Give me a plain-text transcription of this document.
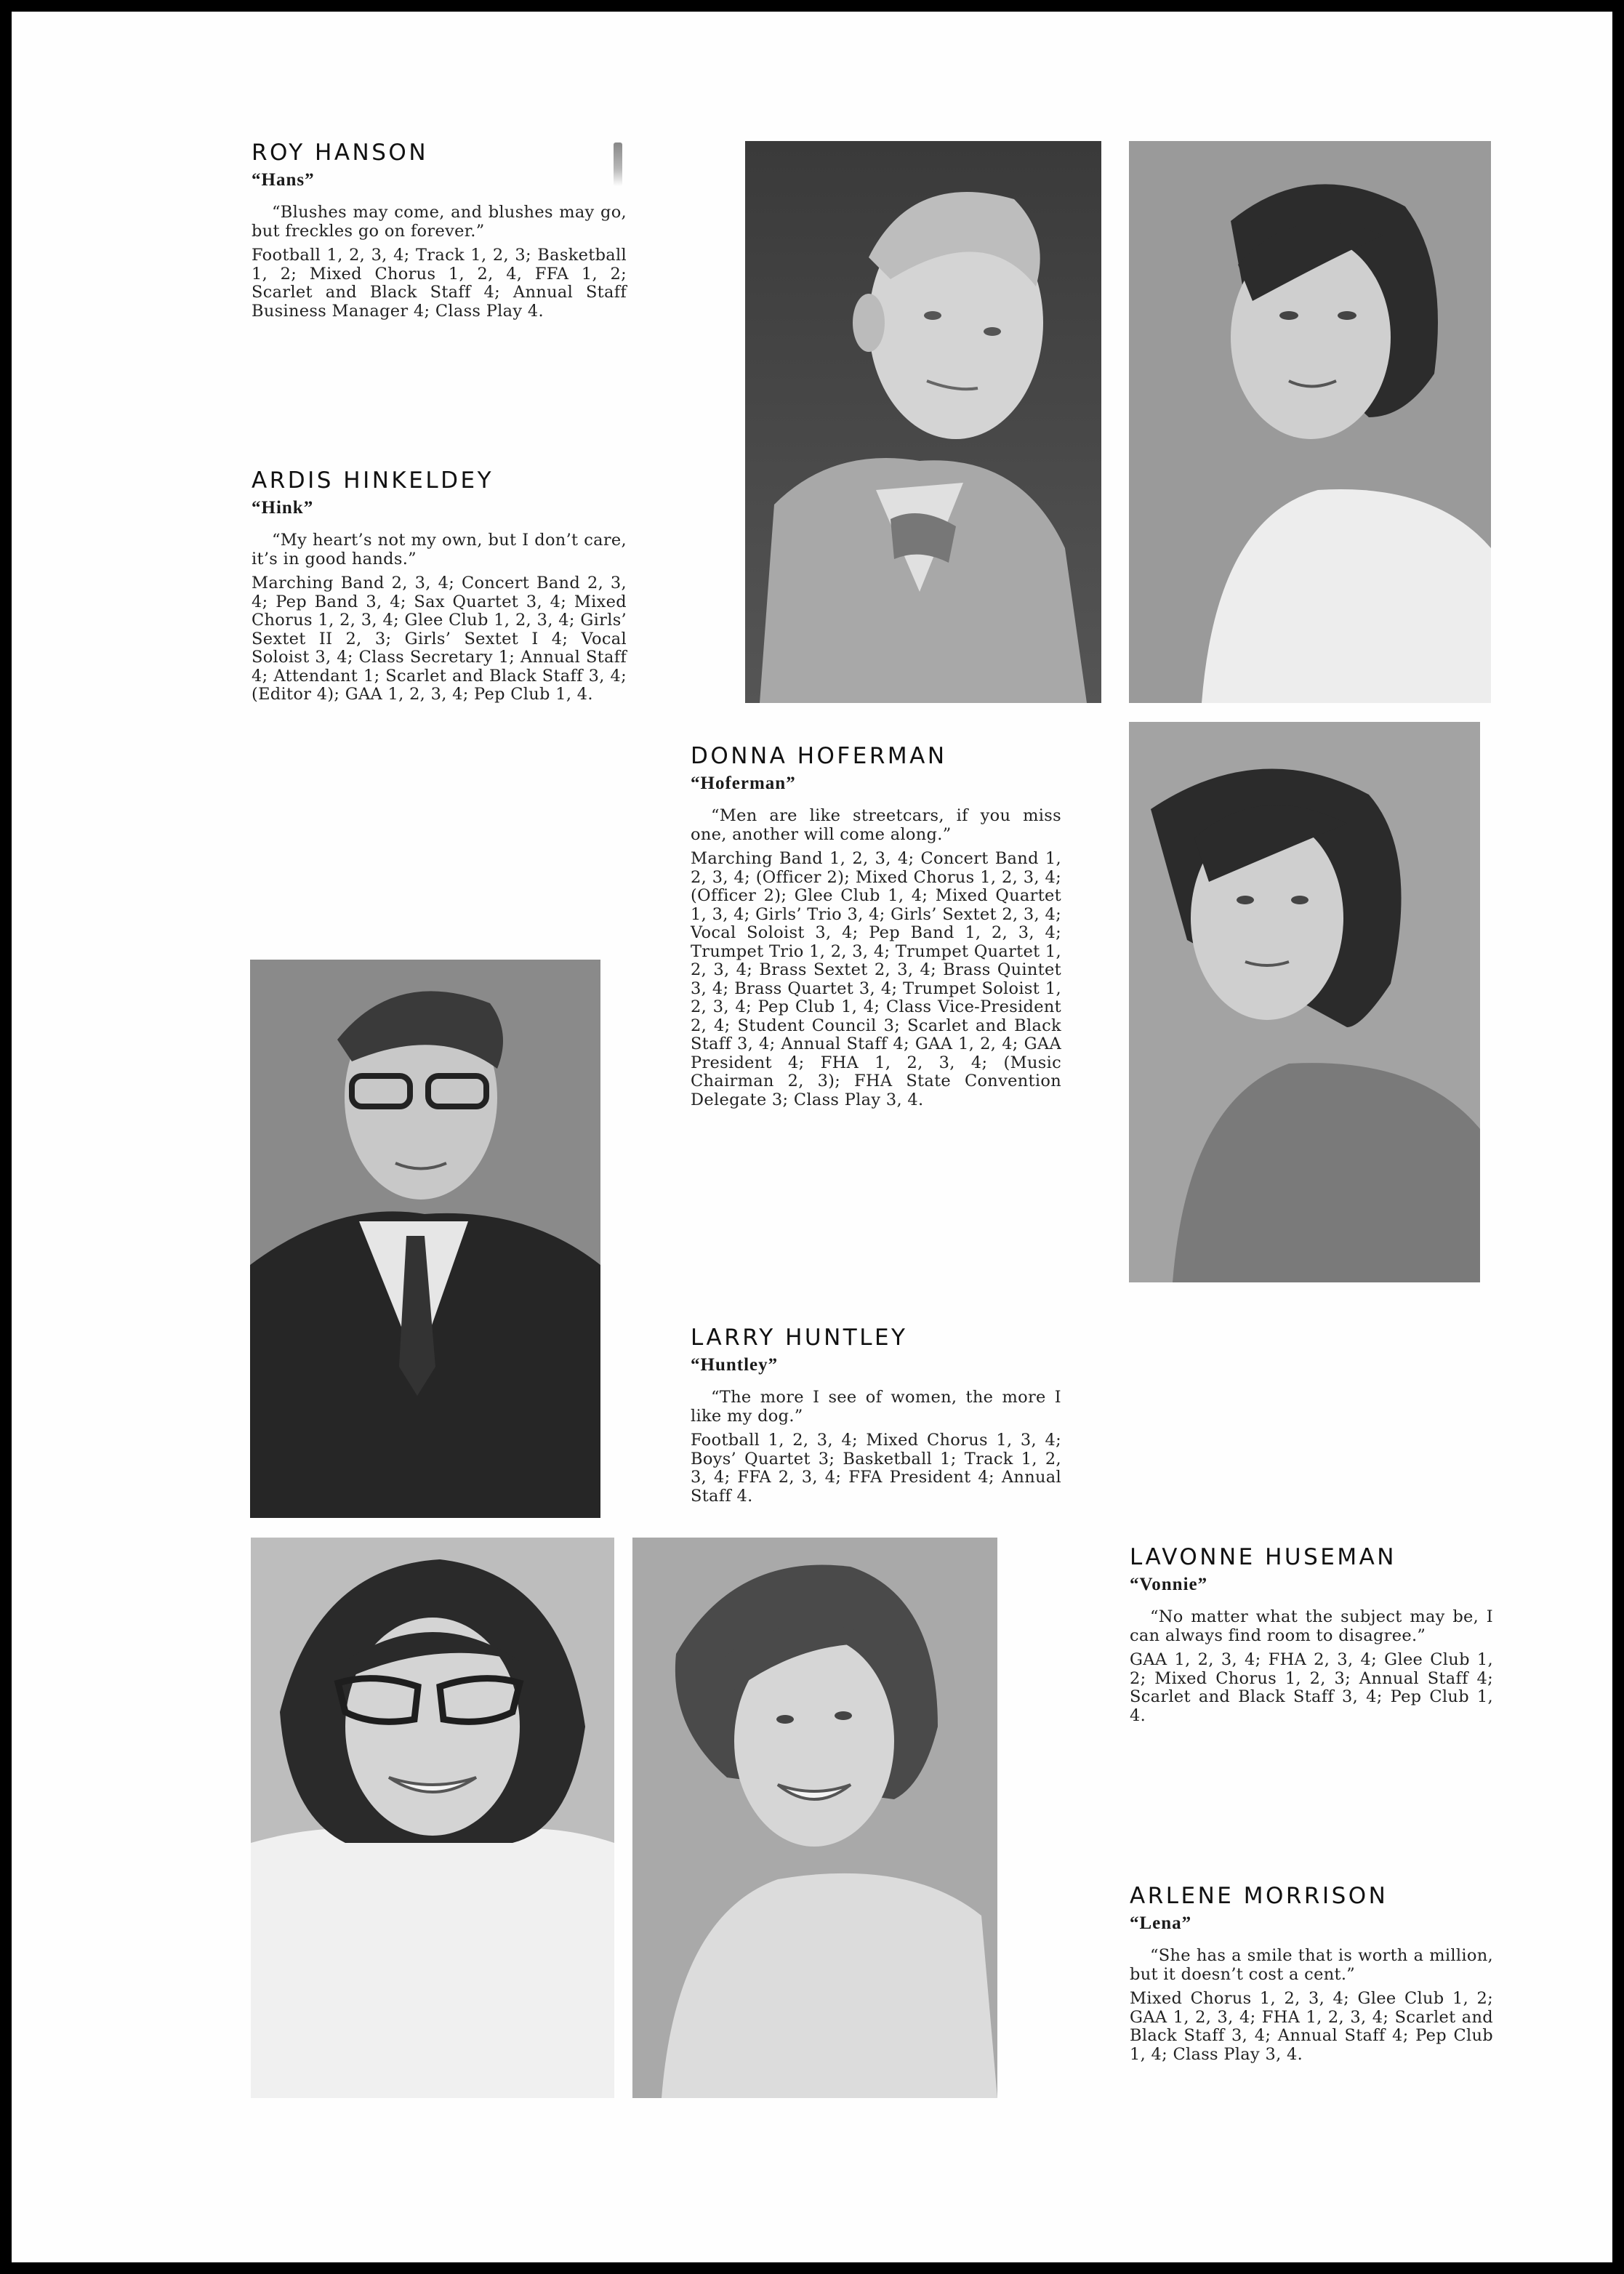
ROY HANSON
“Hans”

“Blushes may come, and blushes may go, but freckles go on forever.”

Football 1, 2, 3, 4; Track 1, 2, 3; Basketball 1, 2; Mixed Chorus 1, 2, 4, FFA 1, 2; Scarlet and Black Staff 4; Annual Staff Business Manager 4; Class Play 4.

ARDIS HINKELDEY
“Hink”

“My heart’s not my own, but I don’t care, it’s in good hands.”

Marching Band 2, 3, 4; Concert Band 2, 3, 4; Pep Band 3, 4; Sax Quartet 3, 4; Mixed Chorus 1, 2, 3, 4; Glee Club 1, 2, 3, 4; Girls’ Sextet II 2, 3; Girls’ Sextet I 4; Vocal Soloist 3, 4; Class Secretary 1; Annual Staff 4; Attendant 1; Scarlet and Black Staff 3, 4; (Editor 4); GAA 1, 2, 3, 4; Pep Club 1, 4.

DONNA HOFERMAN
“Hoferman”

“Men are like streetcars, if you miss one, another will come along.”

Marching Band 1, 2, 3, 4; Concert Band 1, 2, 3, 4; (Officer 2); Mixed Chorus 1, 2, 3, 4; (Officer 2); Glee Club 1, 4; Mixed Quartet 1, 3, 4; Girls’ Trio 3, 4; Girls’ Sextet 2, 3, 4; Vocal Soloist 3, 4; Pep Band 1, 2, 3, 4; Trumpet Trio 1, 2, 3, 4; Trumpet Quartet 1, 2, 3, 4; Brass Sextet 2, 3, 4; Brass Quintet 3, 4; Brass Quartet 3, 4; Trumpet Soloist 1, 2, 3, 4; Pep Club 1, 4; Class Vice-President 2, 4; Student Council 3; Scarlet and Black Staff 3, 4; Annual Staff 4; GAA 1, 2, 4; GAA President 4; FHA 1, 2, 3, 4; (Music Chairman 2, 3); FHA State Convention Delegate 3; Class Play 3, 4.

LARRY HUNTLEY
“Huntley”

“The more I see of women, the more I like my dog.”

Football 1, 2, 3, 4; Mixed Chorus 1, 3, 4; Boys’ Quartet 3; Basketball 1; Track 1, 2, 3, 4; FFA 2, 3, 4; FFA President 4; Annual Staff 4.

LAVONNE HUSEMAN
“Vonnie”

“No matter what the subject may be, I can always find room to disagree.”

GAA 1, 2, 3, 4; FHA 2, 3, 4; Glee Club 1, 2; Mixed Chorus 1, 2, 3; Annual Staff 4; Scarlet and Black Staff 3, 4; Pep Club 1, 4.

ARLENE MORRISON
“Lena”

“She has a smile that is worth a million, but it doesn’t cost a cent.”

Mixed Chorus 1, 2, 3, 4; Glee Club 1, 2; GAA 1, 2, 3, 4; FHA 1, 2, 3, 4; Scarlet and Black Staff 3, 4; Annual Staff 4; Pep Club 1, 4; Class Play 3, 4.
